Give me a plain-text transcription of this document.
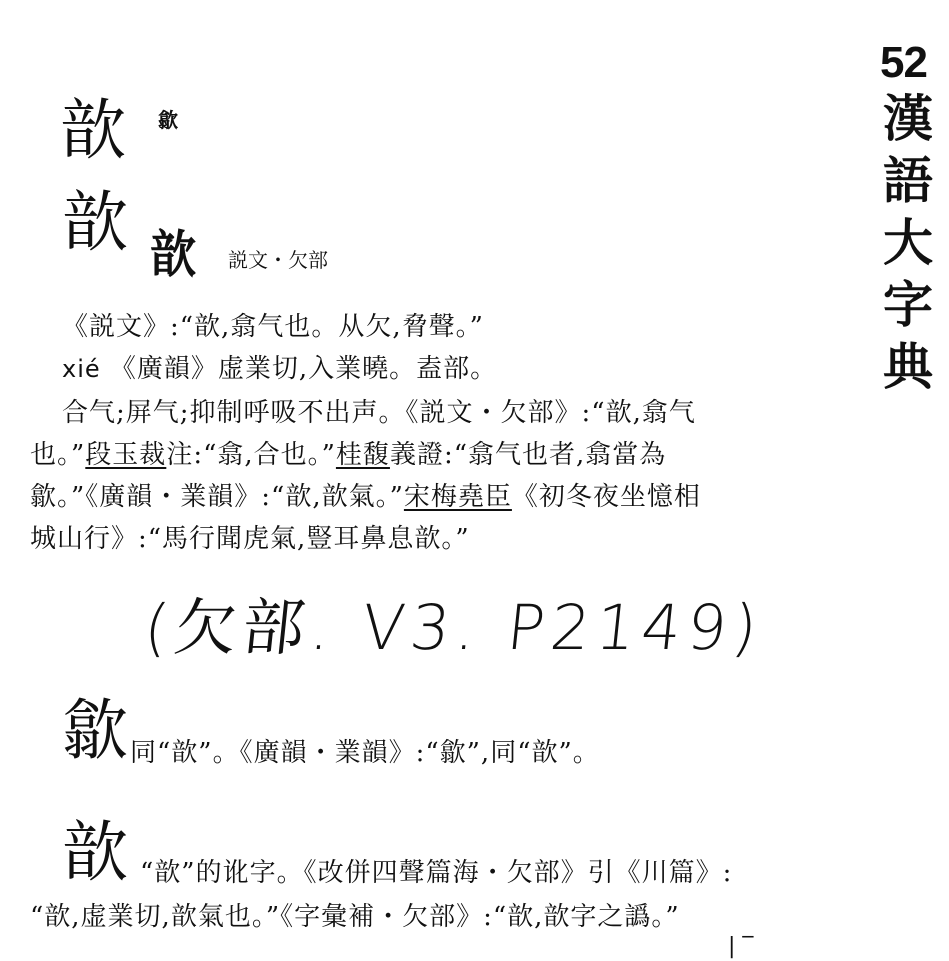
52
漢語大字典
歆 歙
歆 歆 説文・欠部
《説文》:“歆,翕气也。从欠,脅聲。”
xié 《廣韻》虚業切,入業曉。盍部。
合气;屏气;抑制呼吸不出声。《説文・欠部》:“歆,翕气
也。”段玉裁注:“翕,合也。”桂馥義證:“翕气也者,翕當為
歙。”《廣韻・業韻》:“歆,歆氣。”宋梅堯臣《初冬夜坐憶相
城山行》:“馬行聞虎氣,豎耳鼻息歆。”
(欠部. V3. P2149)
歙 同“歆”。《廣韻・業韻》:“歙”,同“歆”。
歆 “歆”的讹字。《改併四聲篇海・欠部》引《川篇》:
“歆,虚業切,歆氣也。”《字彙補・欠部》:“歆,歆字之譌。”
| ‾
